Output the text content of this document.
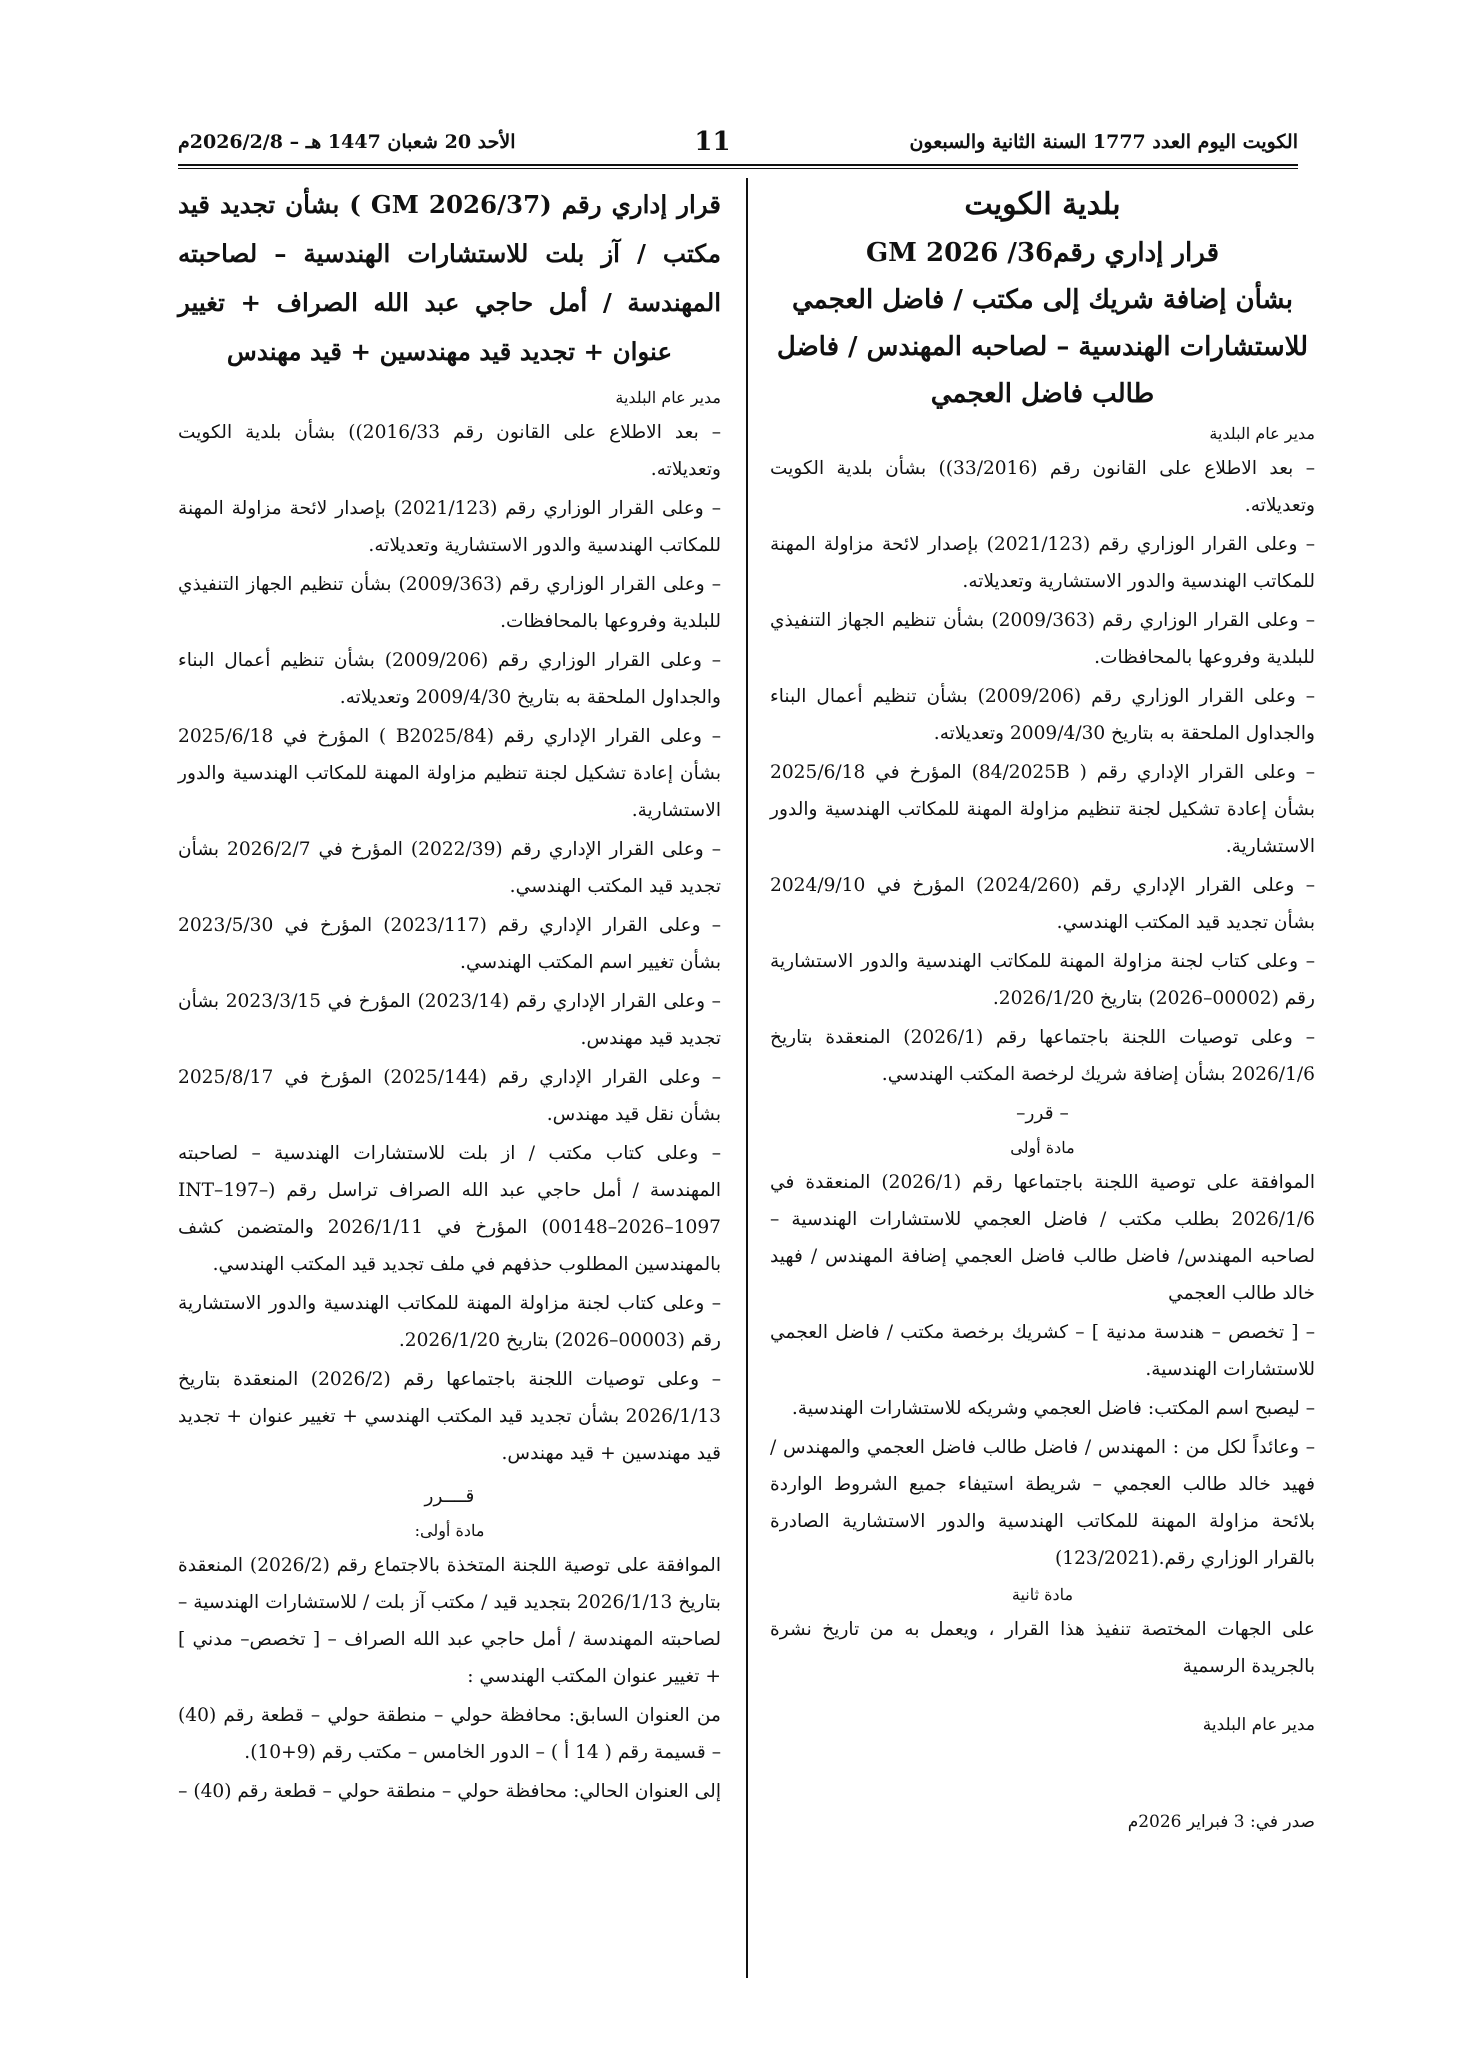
الكويت اليوم العدد 1777 السنة الثانية والسبعون
11
الأحد 20 شعبان 1447 هـ – 2026/2/8م

بلدية الكويت

قرار إداري رقم36/ GM 2026

بشأن إضافة شريك إلى مكتب / فاضل العجمي للاستشارات الهندسية – لصاحبه المهندس / فاضل طالب فاضل العجمي

مدير عام البلدية

– بعد الاطلاع على القانون رقم (33/2016)) بشأن بلدية الكويت وتعديلاته.

– وعلى القرار الوزاري رقم (2021/123) بإصدار لائحة مزاولة المهنة للمكاتب الهندسية والدور الاستشارية وتعديلاته.

– وعلى القرار الوزاري رقم (2009/363) بشأن تنظيم الجهاز التنفيذي للبلدية وفروعها بالمحافظات.

– وعلى القرار الوزاري رقم (2009/206) بشأن تنظيم أعمال البناء والجداول الملحقة به بتاريخ 2009/4/30 وتعديلاته.

– وعلى القرار الإداري رقم ( 84/2025B) المؤرخ في 2025/6/18 بشأن إعادة تشكيل لجنة تنظيم مزاولة المهنة للمكاتب الهندسية والدور الاستشارية.

– وعلى القرار الإداري رقم (2024/260) المؤرخ في 2024/9/10 بشأن تجديد قيد المكتب الهندسي.

– وعلى كتاب لجنة مزاولة المهنة للمكاتب الهندسية والدور الاستشارية رقم (00002–2026) بتاريخ 2026/1/20.

– وعلى توصيات اللجنة باجتماعها رقم (2026/1) المنعقدة بتاريخ 2026/1/6 بشأن إضافة شريك لرخصة المكتب الهندسي.

– قرر–

مادة أولى

الموافقة على توصية اللجنة باجتماعها رقم (2026/1) المنعقدة في 2026/1/6 بطلب مكتب / فاضل العجمي للاستشارات الهندسية – لصاحبه المهندس/ فاضل طالب فاضل العجمي إضافة المهندس / فهيد خالد طالب العجمي

– [ تخصص – هندسة مدنية ] – كشريك برخصة مكتب / فاضل العجمي للاستشارات الهندسية.

– ليصبح اسم المكتب: فاضل العجمي وشريكه للاستشارات الهندسية.

– وعائداً لكل من : المهندس / فاضل طالب فاضل العجمي والمهندس / فهيد خالد طالب العجمي – شريطة استيفاء جميع الشروط الواردة بلائحة مزاولة المهنة للمكاتب الهندسية والدور الاستشارية الصادرة بالقرار الوزاري رقم.(123/2021)

مادة ثانية

على الجهات المختصة تنفيذ هذا القرار ، ويعمل به من تاريخ نشرة بالجريدة الرسمية

مدير عام البلدية

صدر في: 3 فبراير 2026م

قرار إداري رقم (GM 2026/37 ) بشأن تجديد قيد مكتب / آز بلت للاستشارات الهندسية – لصاحبته المهندسة / أمل حاجي عبد الله الصراف + تغيير عنوان + تجديد قيد مهندسين + قيد مهندس

مدير عام البلدية

– بعد الاطلاع على القانون رقم 2016/33)) بشأن بلدية الكويت وتعديلاته.

– وعلى القرار الوزاري رقم (2021/123) بإصدار لائحة مزاولة المهنة للمكاتب الهندسية والدور الاستشارية وتعديلاته.

– وعلى القرار الوزاري رقم (2009/363) بشأن تنظيم الجهاز التنفيذي للبلدية وفروعها بالمحافظات.

– وعلى القرار الوزاري رقم (2009/206) بشأن تنظيم أعمال البناء والجداول الملحقة به بتاريخ 2009/4/30 وتعديلاته.

– وعلى القرار الإداري رقم (B2025/84 ) المؤرخ في 2025/6/18 بشأن إعادة تشكيل لجنة تنظيم مزاولة المهنة للمكاتب الهندسية والدور الاستشارية.

– وعلى القرار الإداري رقم (2022/39) المؤرخ في 2026/2/7 بشأن تجديد قيد المكتب الهندسي.

– وعلى القرار الإداري رقم (2023/117) المؤرخ في 2023/5/30 بشأن تغيير اسم المكتب الهندسي.

– وعلى القرار الإداري رقم (2023/14) المؤرخ في 2023/3/15 بشأن تجديد قيد مهندس.

– وعلى القرار الإداري رقم (2025/144) المؤرخ في 2025/8/17 بشأن نقل قيد مهندس.

– وعلى كتاب مكتب / از بلت للاستشارات الهندسية – لصاحبته المهندسة / أمل حاجي عبد الله الصراف تراسل رقم (–INT–197 00148–2026–1097) المؤرخ في 2026/1/11 والمتضمن كشف بالمهندسين المطلوب حذفهم في ملف تجديد قيد المكتب الهندسي.

– وعلى كتاب لجنة مزاولة المهنة للمكاتب الهندسية والدور الاستشارية رقم (00003–2026) بتاريخ 2026/1/20.

– وعلى توصيات اللجنة باجتماعها رقم (2026/2) المنعقدة بتاريخ 2026/1/13 بشأن تجديد قيد المكتب الهندسي + تغيير عنوان + تجديد قيد مهندسين + قيد مهندس.

قــــرر

مادة أولى:

الموافقة على توصية اللجنة المتخذة بالاجتماع رقم (2026/2) المنعقدة بتاريخ 2026/1/13 بتجديد قيد / مكتب آز بلت / للاستشارات الهندسية – لصاحبته المهندسة / أمل حاجي عبد الله الصراف – [ تخصص– مدني ] + تغيير عنوان المكتب الهندسي :

من العنوان السابق: محافظة حولي – منطقة حولي – قطعة رقم (40) – قسيمة رقم ( 14 أ ) – الدور الخامس – مكتب رقم (9+10).

إلى العنوان الحالي: محافظة حولي – منطقة حولي – قطعة رقم (40) –
